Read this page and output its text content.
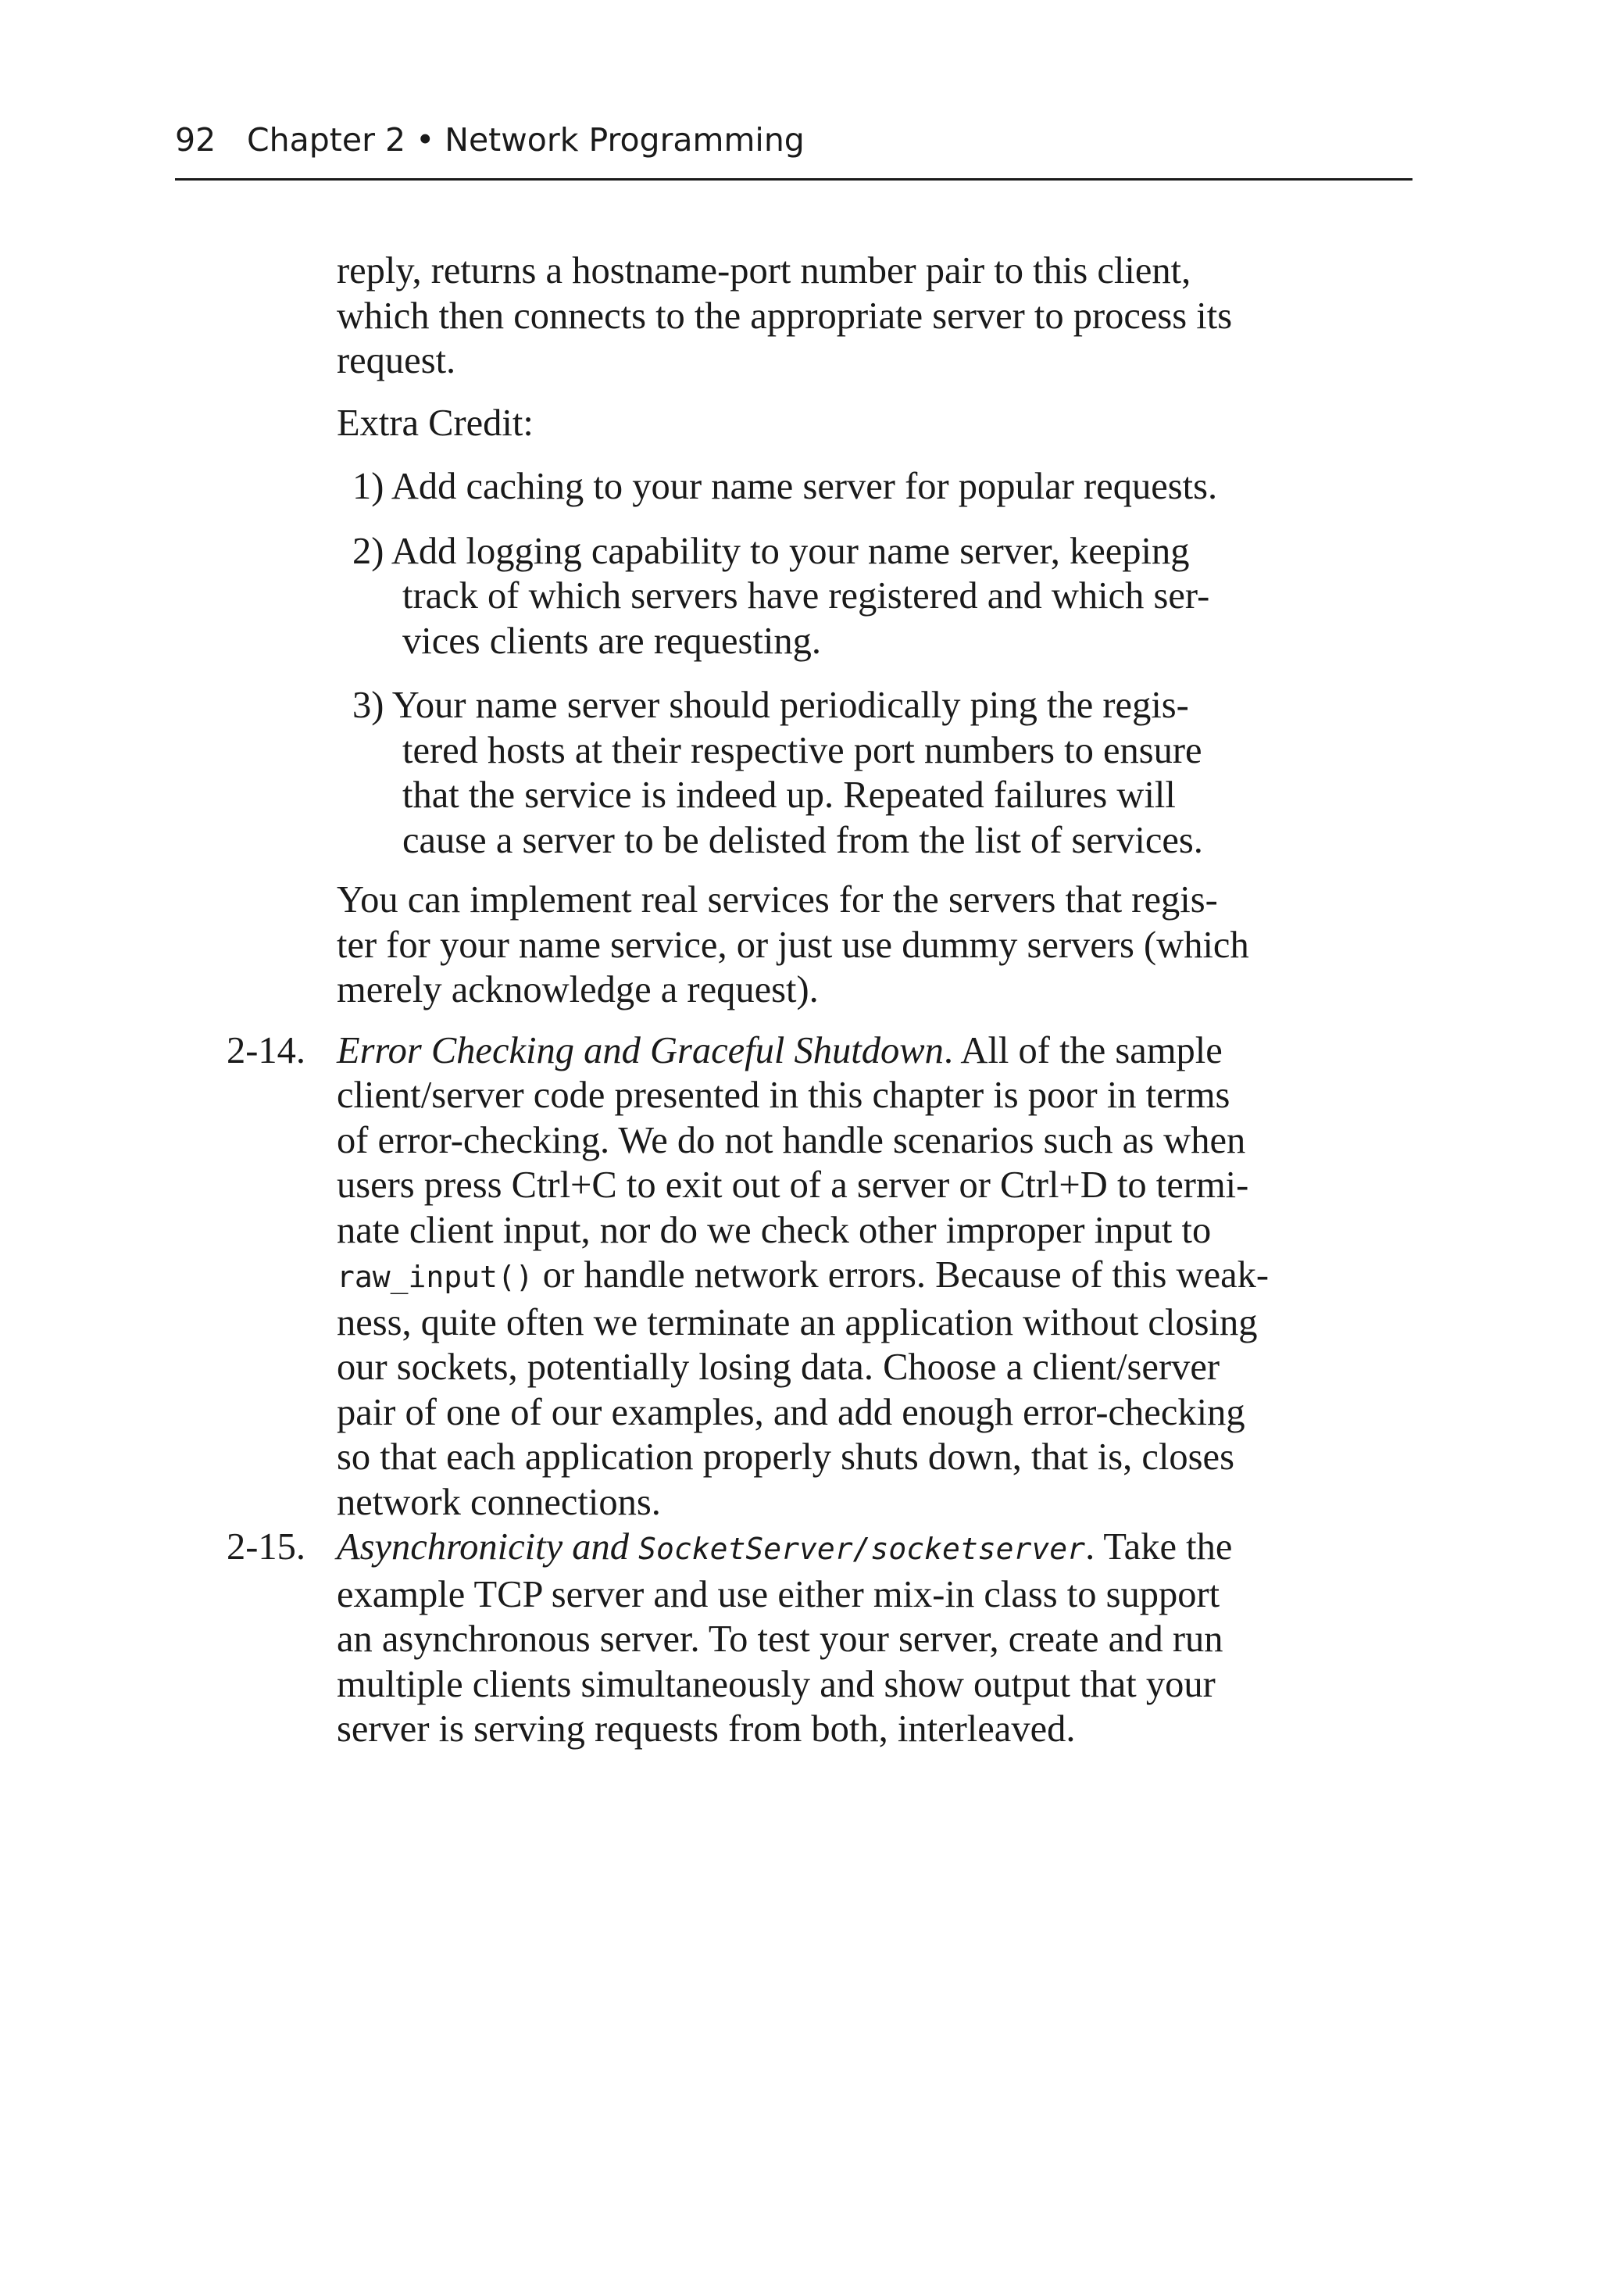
92 Chapter 2 • Network Programming

reply, returns a hostname-port number pair to this client,
which then connects to the appropriate server to process its
request.

Extra Credit:

1) Add caching to your name server for popular requests.

2) Add logging capability to your name server, keeping
track of which servers have registered and which ser-
vices clients are requesting.

3) Your name server should periodically ping the regis-
tered hosts at their respective port numbers to ensure
that the service is indeed up. Repeated failures will
cause a server to be delisted from the list of services.

You can implement real services for the servers that regis-
ter for your name service, or just use dummy servers (which
merely acknowledge a request).

2-14. Error Checking and Graceful Shutdown. All of the sample
client/server code presented in this chapter is poor in terms
of error-checking. We do not handle scenarios such as when
users press Ctrl+C to exit out of a server or Ctrl+D to termi-
nate client input, nor do we check other improper input to
raw_input() or handle network errors. Because of this weak-
ness, quite often we terminate an application without closing
our sockets, potentially losing data. Choose a client/server
pair of one of our examples, and add enough error-checking
so that each application properly shuts down, that is, closes
network connections.

2-15. Asynchronicity and SocketServer/socketserver. Take the
example TCP server and use either mix-in class to support
an asynchronous server. To test your server, create and run
multiple clients simultaneously and show output that your
server is serving requests from both, interleaved.
